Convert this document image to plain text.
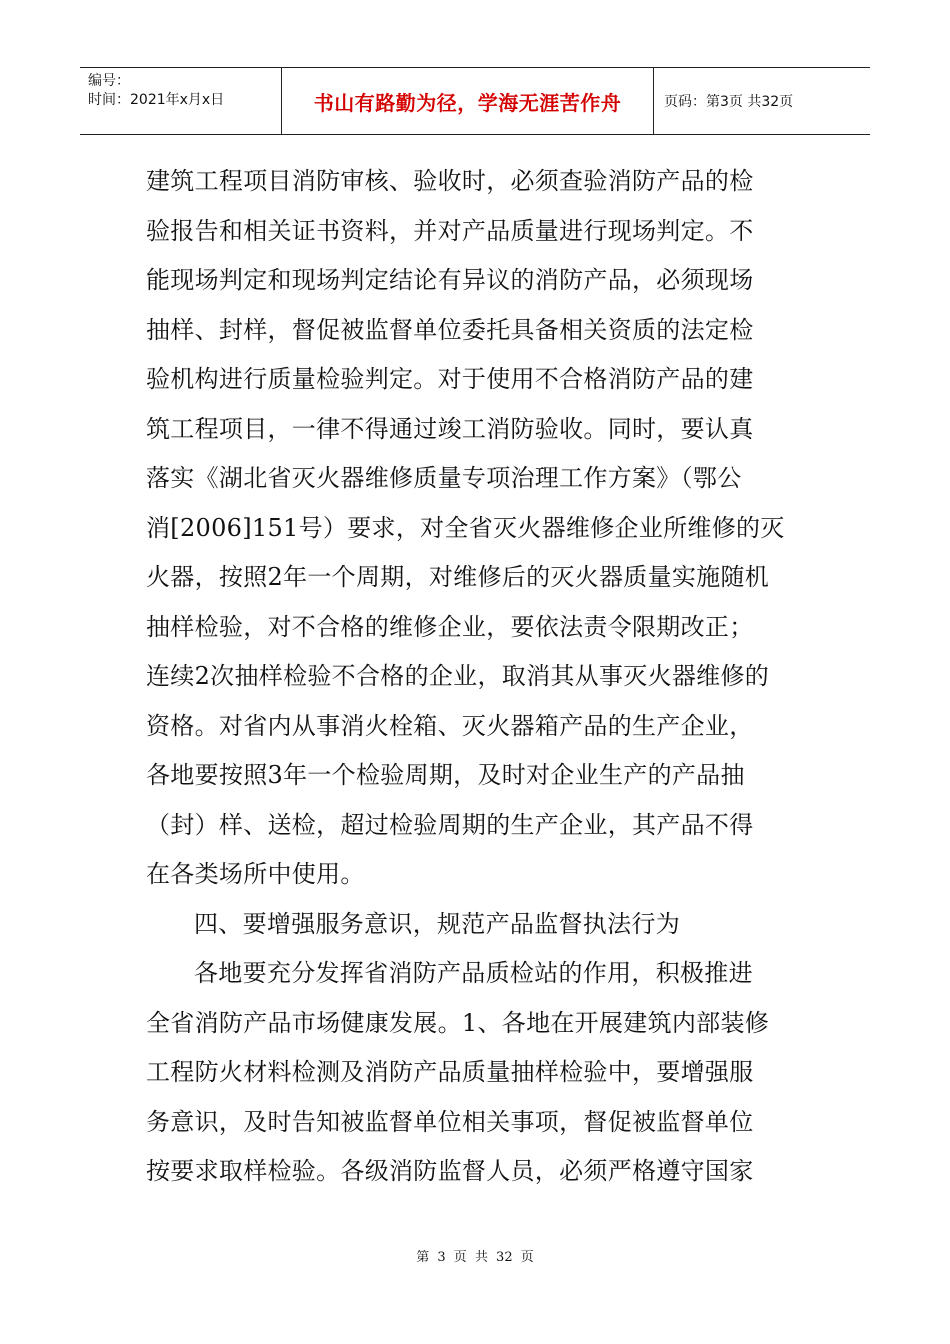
编号：
时间：2021年x月x日	书山有路勤为径，学海无涯苦作舟	页码：第3页 共32页

建筑工程项目消防审核、验收时，必须查验消防产品的检

验报告和相关证书资料，并对产品质量进行现场判定。不

能现场判定和现场判定结论有异议的消防产品，必须现场

抽样、封样，督促被监督单位委托具备相关资质的法定检

验机构进行质量检验判定。对于使用不合格消防产品的建

筑工程项目，一律不得通过竣工消防验收。同时，要认真

落实《湖北省灭火器维修质量专项治理工作方案》（鄂公

消[2006]151号）要求，对全省灭火器维修企业所维修的灭

火器，按照2年一个周期，对维修后的灭火器质量实施随机

抽样检验，对不合格的维修企业，要依法责令限期改正；

连续2次抽样检验不合格的企业，取消其从事灭火器维修的

资格。对省内从事消火栓箱、灭火器箱产品的生产企业，

各地要按照3年一个检验周期，及时对企业生产的产品抽

（封）样、送检，超过检验周期的生产企业，其产品不得

在各类场所中使用。

四、要增强服务意识，规范产品监督执法行为

各地要充分发挥省消防产品质检站的作用，积极推进

全省消防产品市场健康发展。1、各地在开展建筑内部装修

工程防火材料检测及消防产品质量抽样检验中，要增强服

务意识，及时告知被监督单位相关事项，督促被监督单位

按要求取样检验。各级消防监督人员，必须严格遵守国家

第 3 页 共 32 页
